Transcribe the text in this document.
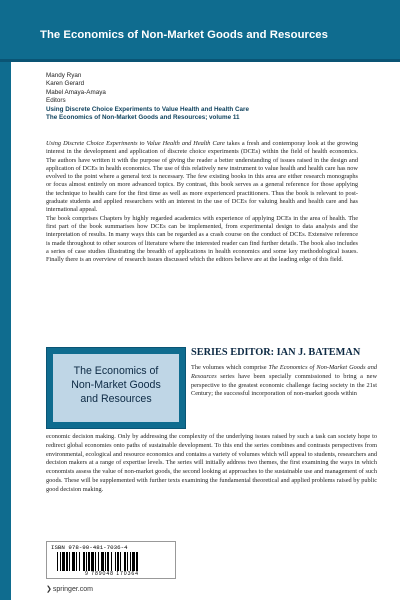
The Economics of Non-Market Goods and Resources
Mandy Ryan
Karen Gerard
Mabel Amaya-Amaya
Editors
Using Discrete Choice Experiments to Value Health and Health Care
The Economics of Non-Market Goods and Resources; volume 11

Using Discrete Choice Experiments to Value Health and Health Care takes a fresh and contemporay look at the growing interest in the development and application of discrete choice experiments (DCEs) within the field of health economics. The authors have written it with the purpose of giving the reader a better understanding of issues raised in the design and application of DCEs in health economics. The use of this relatively new instrument to value health and health care has now evolved to the point where a general text is necessary. The few existing books in this area are either research monographs or focus almost entirely on more advanced topics. By contrast, this book serves as a general reference for those applying the technique to health care for the first time as well as more experienced practitioners. Thus the book is relevant to post-graduate students and applied researchers with an interest in the use of DCEs for valuing health and health care and has international appeal.

The book comprises Chapters by highly regarded academics with experience of applying DCEs in the area of health. The first part of the book summarises how DCEs can be implemented, from experimental design to data analysis and the interpretation of results. In many ways this can be regarded as a crash course on the conduct of DCEs. Extensive reference is made throughout to other sources of literature where the interested reader can find further details. The book also includes a series of case studies illustrating the breadth of applications in health economics and some key methodological issues. Finally there is an overview of research issues discussed which the editors believe are at the leading edge of this field.

The Economics of
Non-Market Goods
and Resources
SERIES EDITOR: IAN J. BATEMAN

The volumes which comprise The Economics of Non-Market Goods and Resources series have been specially commissioned to bring a new perspective to the greatest economic challenge facing society in the 21st Century; the successful incorporation of non-market goods within

economic decision making. Only by addressing the complexity of the underlying issues raised by such a task can society hope to redirect global economies onto paths of sustainable development. To this end the series combines and contrasts perspectives from environmental, ecological and resource economics and contains a variety of volumes which will appeal to students, researchers and decision makers at a range of expertise levels. The series will initially address two themes, the first examining the ways in which economists assess the value of non-market goods, the second looking at approaches to the sustainable use and management of such goods. These will be supplemented with further texts examining the fundamental theoretical and applied problems raised by public good decision making.

ISBN 978-90-481-7036-4
9 789048 170364
❯springer.com
